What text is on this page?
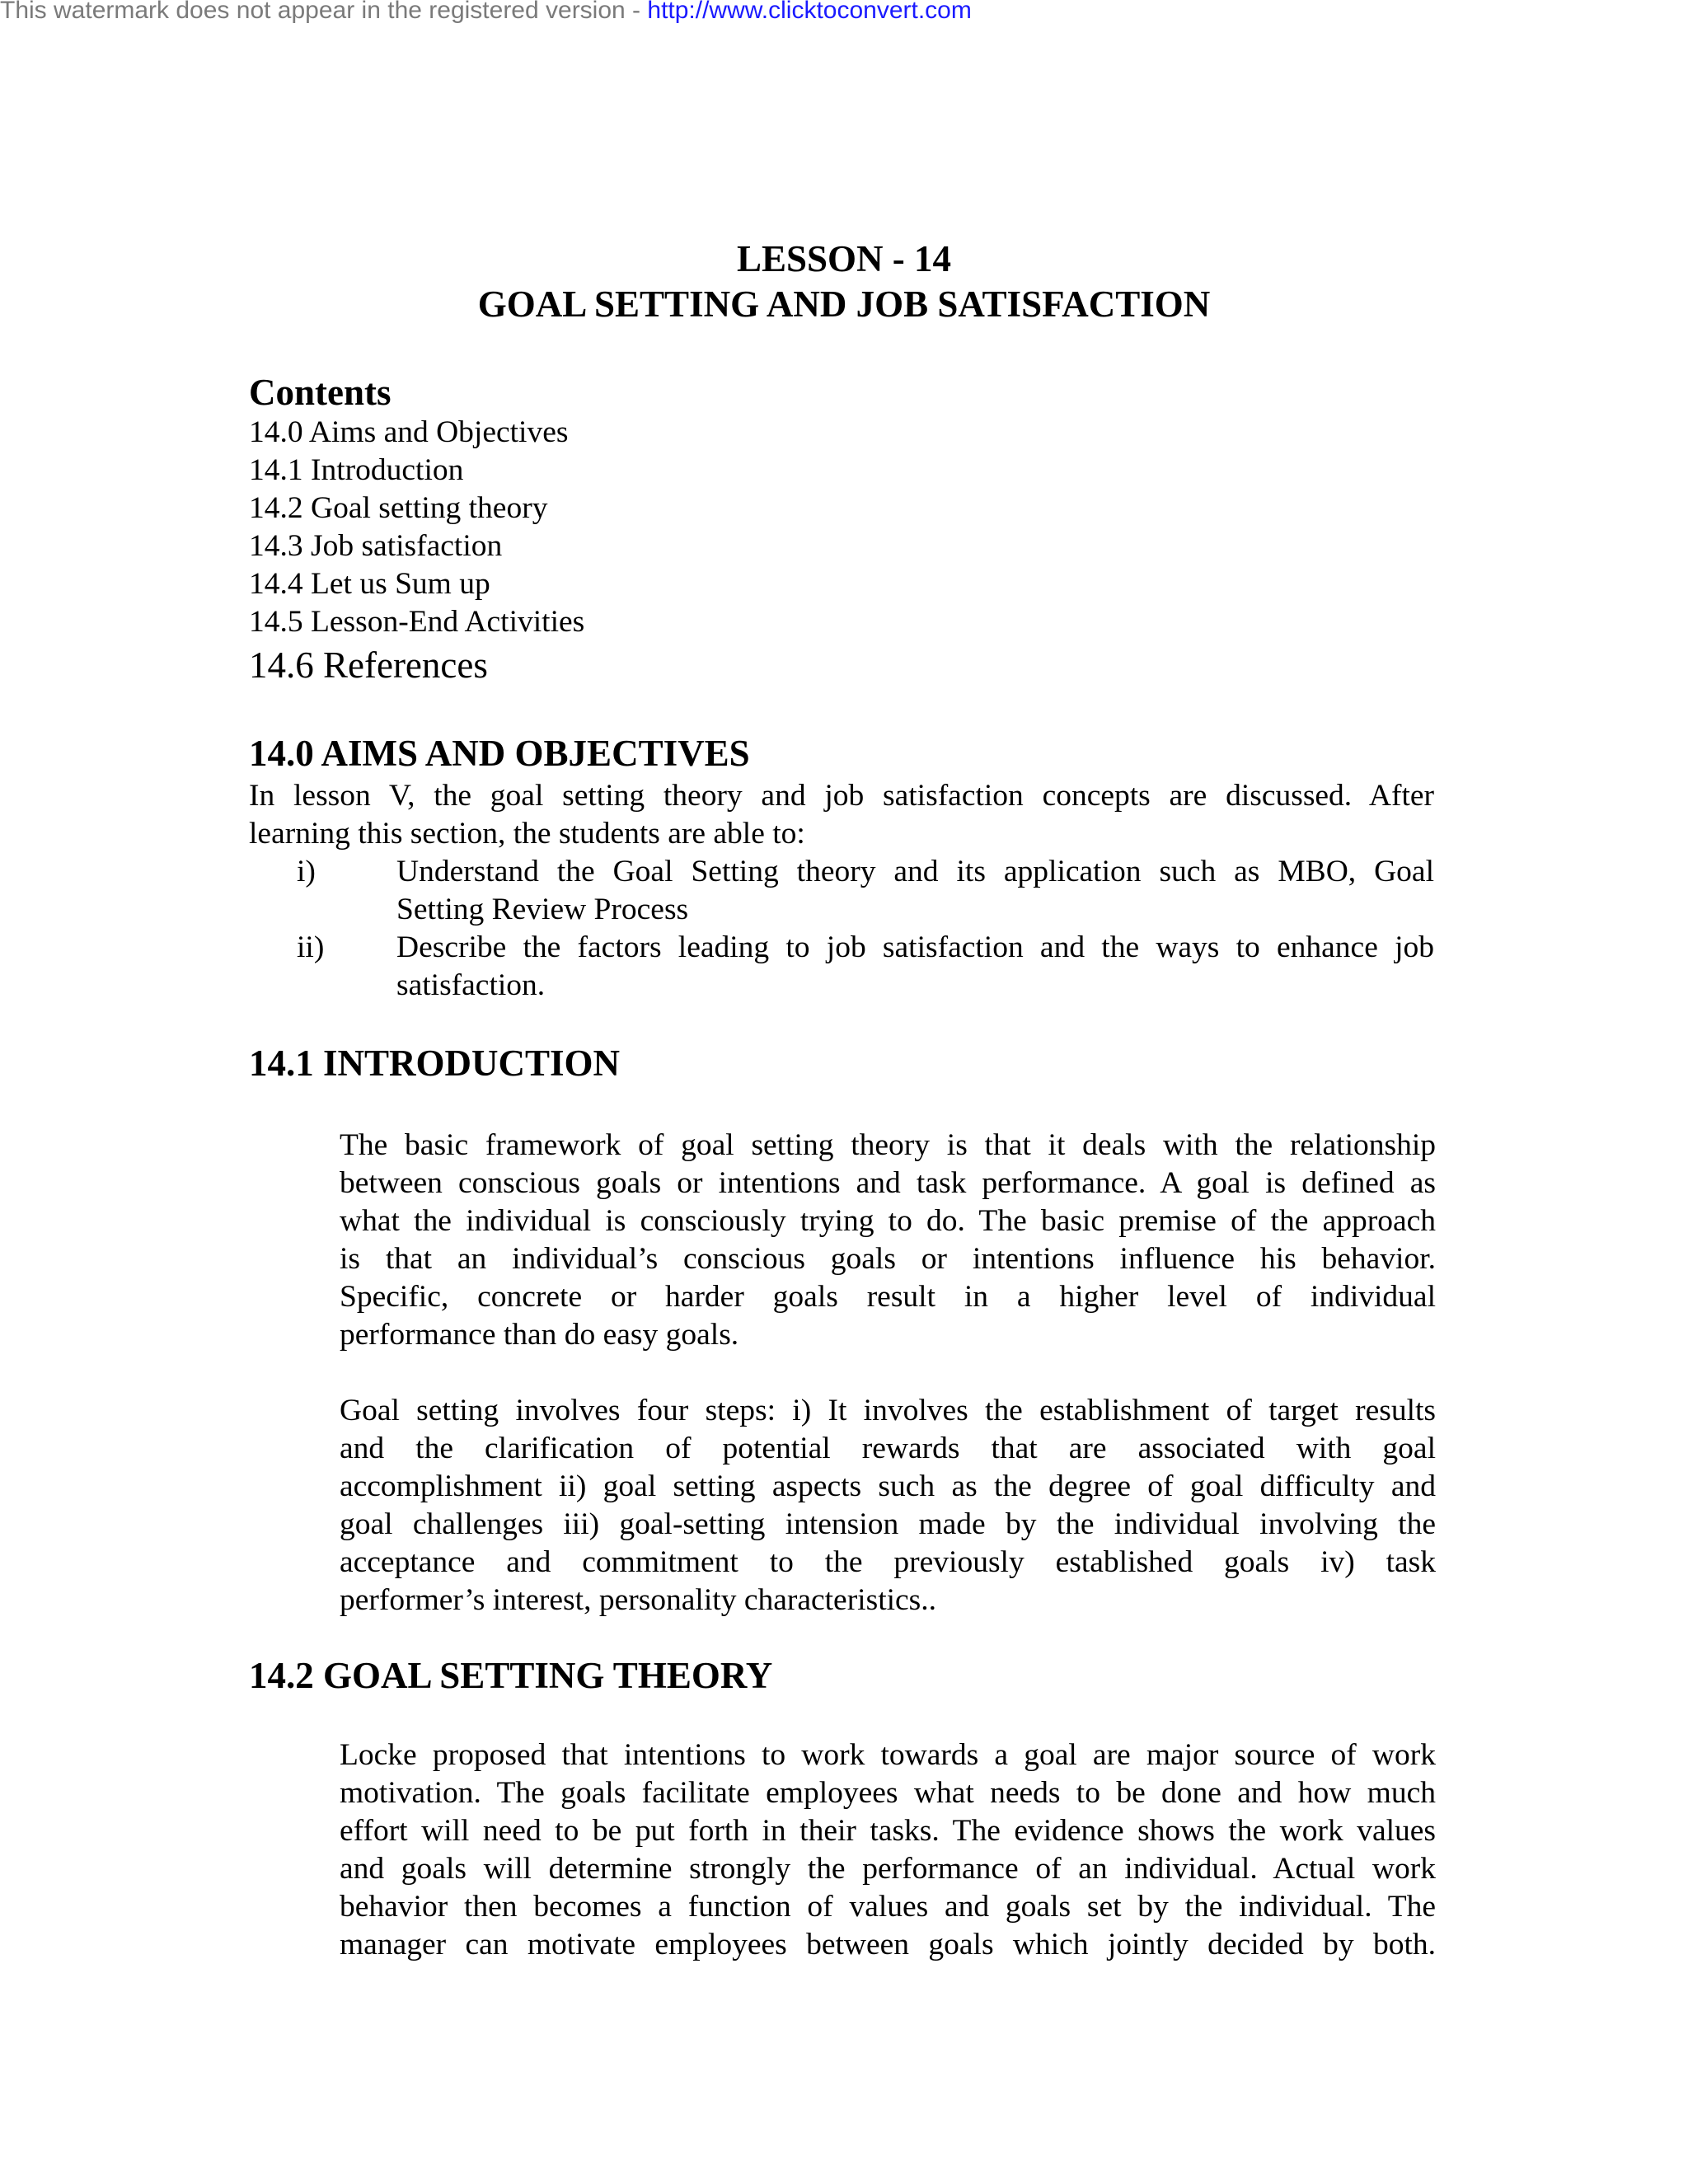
This watermark does not appear in the registered version - http://www.clicktoconvert.com
LESSON - 14
GOAL SETTING AND JOB SATISFACTION
Contents
14.0 Aims and Objectives
14.1 Introduction
14.2 Goal setting theory
14.3 Job satisfaction
14.4 Let us Sum up
14.5 Lesson-End Activities
14.6 References
14.0 AIMS AND OBJECTIVES
In lesson V, the goal setting theory and job satisfaction concepts are discussed. After
learning this section, the students are able to:
i)	Understand the Goal Setting theory and its application such as MBO, Goal
Setting Review Process
ii) Describe the factors leading to job satisfaction and the ways to enhance job
satisfaction.
14.1 INTRODUCTION
The basic framework of goal setting theory is that it deals with the relationship
between conscious goals or intentions and task performance. A goal is defined as
what the individual is consciously trying to do. The basic premise of the approach
is that an individual’s conscious goals or intentions influence his behavior.
Specific, concrete or harder goals result in a higher level of individual
performance than do easy goals.
Goal setting involves four steps: i) It involves the establishment of target results
and the clarification of potential rewards that are associated with goal
accomplishment ii) goal setting aspects such as the degree of goal difficulty and
goal challenges iii) goal-setting intension made by the individual involving the
acceptance and commitment to the previously established goals iv) task
performer’s interest, personality characteristics..
14.2 GOAL SETTING THEORY
Locke proposed that intentions to work towards a goal are major source of work
motivation. The goals facilitate employees what needs to be done and how much
effort will need to be put forth in their tasks. The evidence shows the work values
and goals will determine strongly the performance of an individual. Actual work
behavior then becomes a function of values and goals set by the individual. The
manager can motivate employees between goals which jointly decided by both.
